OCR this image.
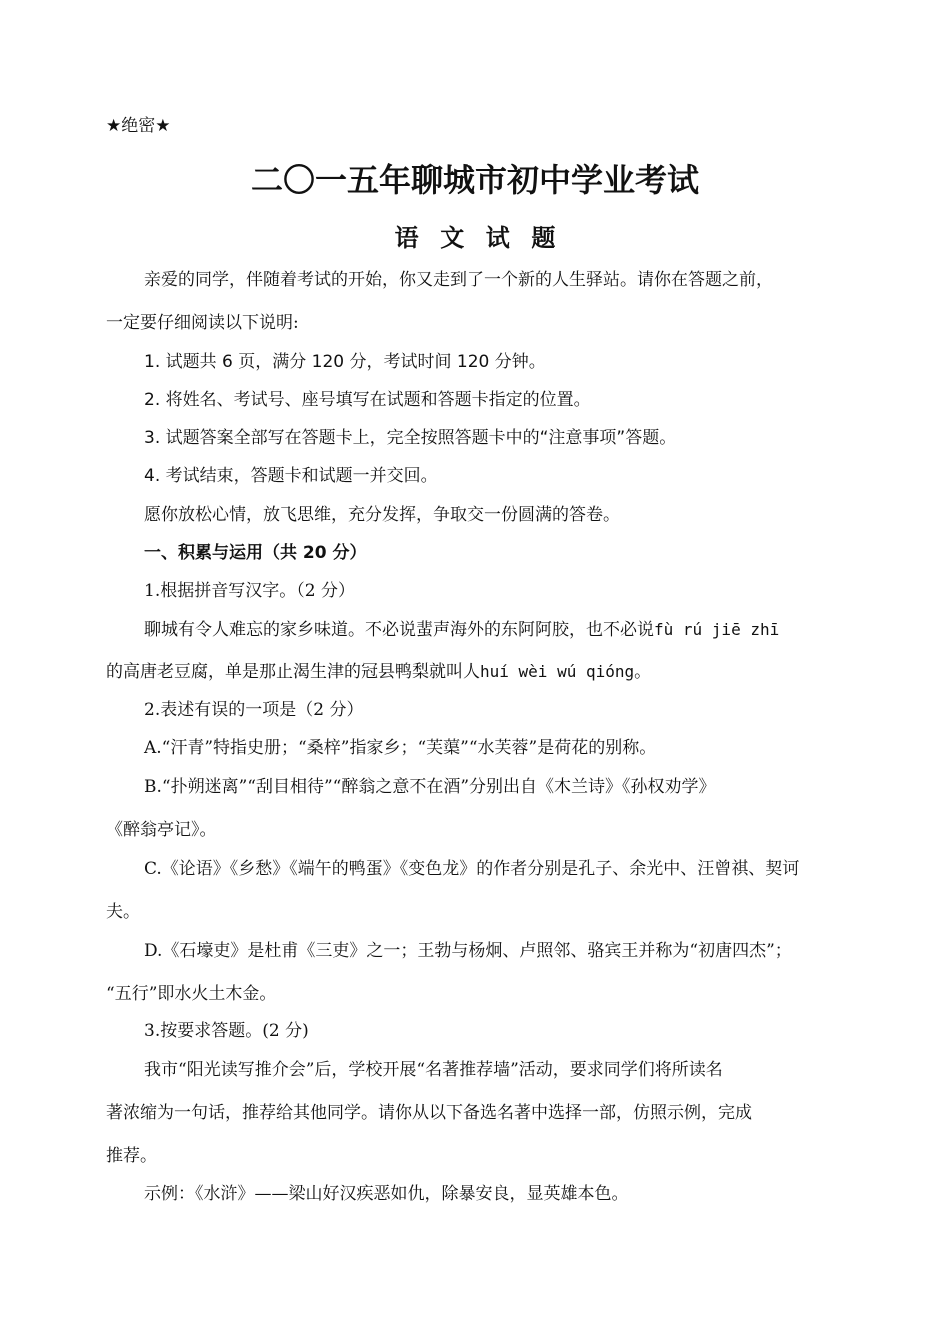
★绝密★
二〇一五年聊城市初中学业考试
语文试题
亲爱的同学，伴随着考试的开始，你又走到了一个新的人生驿站。请你在答题之前，
一定要仔细阅读以下说明:
1. 试题共 6 页，满分 120 分，考试时间 120 分钟。
2. 将姓名、考试号、座号填写在试题和答题卡指定的位置。
3. 试题答案全部写在答题卡上，完全按照答题卡中的“注意事项”答题。
4. 考试结束，答题卡和试题一并交回。
愿你放松心情，放飞思维，充分发挥，争取交一份圆满的答卷。
一、积累与运用（共 20 分）
1.根据拼音写汉字。（2 分）
聊城有令人难忘的家乡味道。不必说蜚声海外的东阿阿胶，也不必说fù rú jiē zhī
的高唐老豆腐，单是那止渴生津的冠县鸭梨就叫人huí wèi wú qióng。
2.表述有误的一项是（2 分）
A.“汗青”特指史册；“桑梓”指家乡；“芙蕖”“水芙蓉”是荷花的别称。
B.“扑朔迷离”“刮目相待”“醉翁之意不在酒”分别出自《木兰诗》《孙权劝学》
《醉翁亭记》。
C.《论语》《乡愁》《端午的鸭蛋》《变色龙》的作者分别是孔子、余光中、汪曾祺、契诃
夫。
D.《石壕吏》是杜甫《三吏》之一；王勃与杨炯、卢照邻、骆宾王并称为“初唐四杰”；
“五行”即水火土木金。
3.按要求答题。(2 分)
我市“阳光读写推介会”后，学校开展“名著推荐墙”活动，要求同学们将所读名
著浓缩为一句话，推荐给其他同学。请你从以下备选名著中选择一部，仿照示例，完成
推荐。
示例：《水浒》——梁山好汉疾恶如仇，除暴安良，显英雄本色。
